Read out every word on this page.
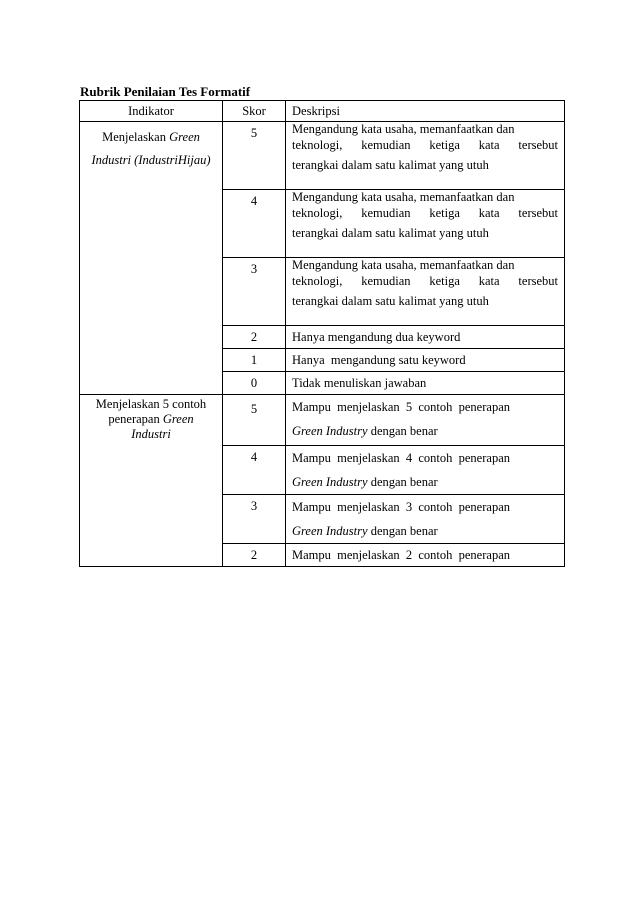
Rubrik Penilaian Tes Formatif
Indikator	Skor	Deskripsi
Menjelaskan Green Industri (IndustriHijau)	5	Mengandung kata usaha, memanfaatkan dan
teknologi, kemudian ketiga kata tersebut
terangkai dalam satu kalimat yang utuh

	4	Mengandung kata usaha, memanfaatkan dan
teknologi, kemudian ketiga kata tersebut
terangkai dalam satu kalimat yang utuh

	3	Mengandung kata usaha, memanfaatkan dan
teknologi, kemudian ketiga kata tersebut
terangkai dalam satu kalimat yang utuh

	2	Hanya mengandung dua keyword
	1	Hanya  mengandung satu keyword
	0	Tidak menuliskan jawaban
Menjelaskan 5 contoh penerapan Green Industri	5	Mampu  menjelaskan  5  contoh  penerapan
Green Industry dengan benar

	4	Mampu  menjelaskan  4  contoh  penerapan
Green Industry dengan benar

	3	Mampu  menjelaskan  3  contoh  penerapan
Green Industry dengan benar

	2	Mampu  menjelaskan  2  contoh  penerapan
